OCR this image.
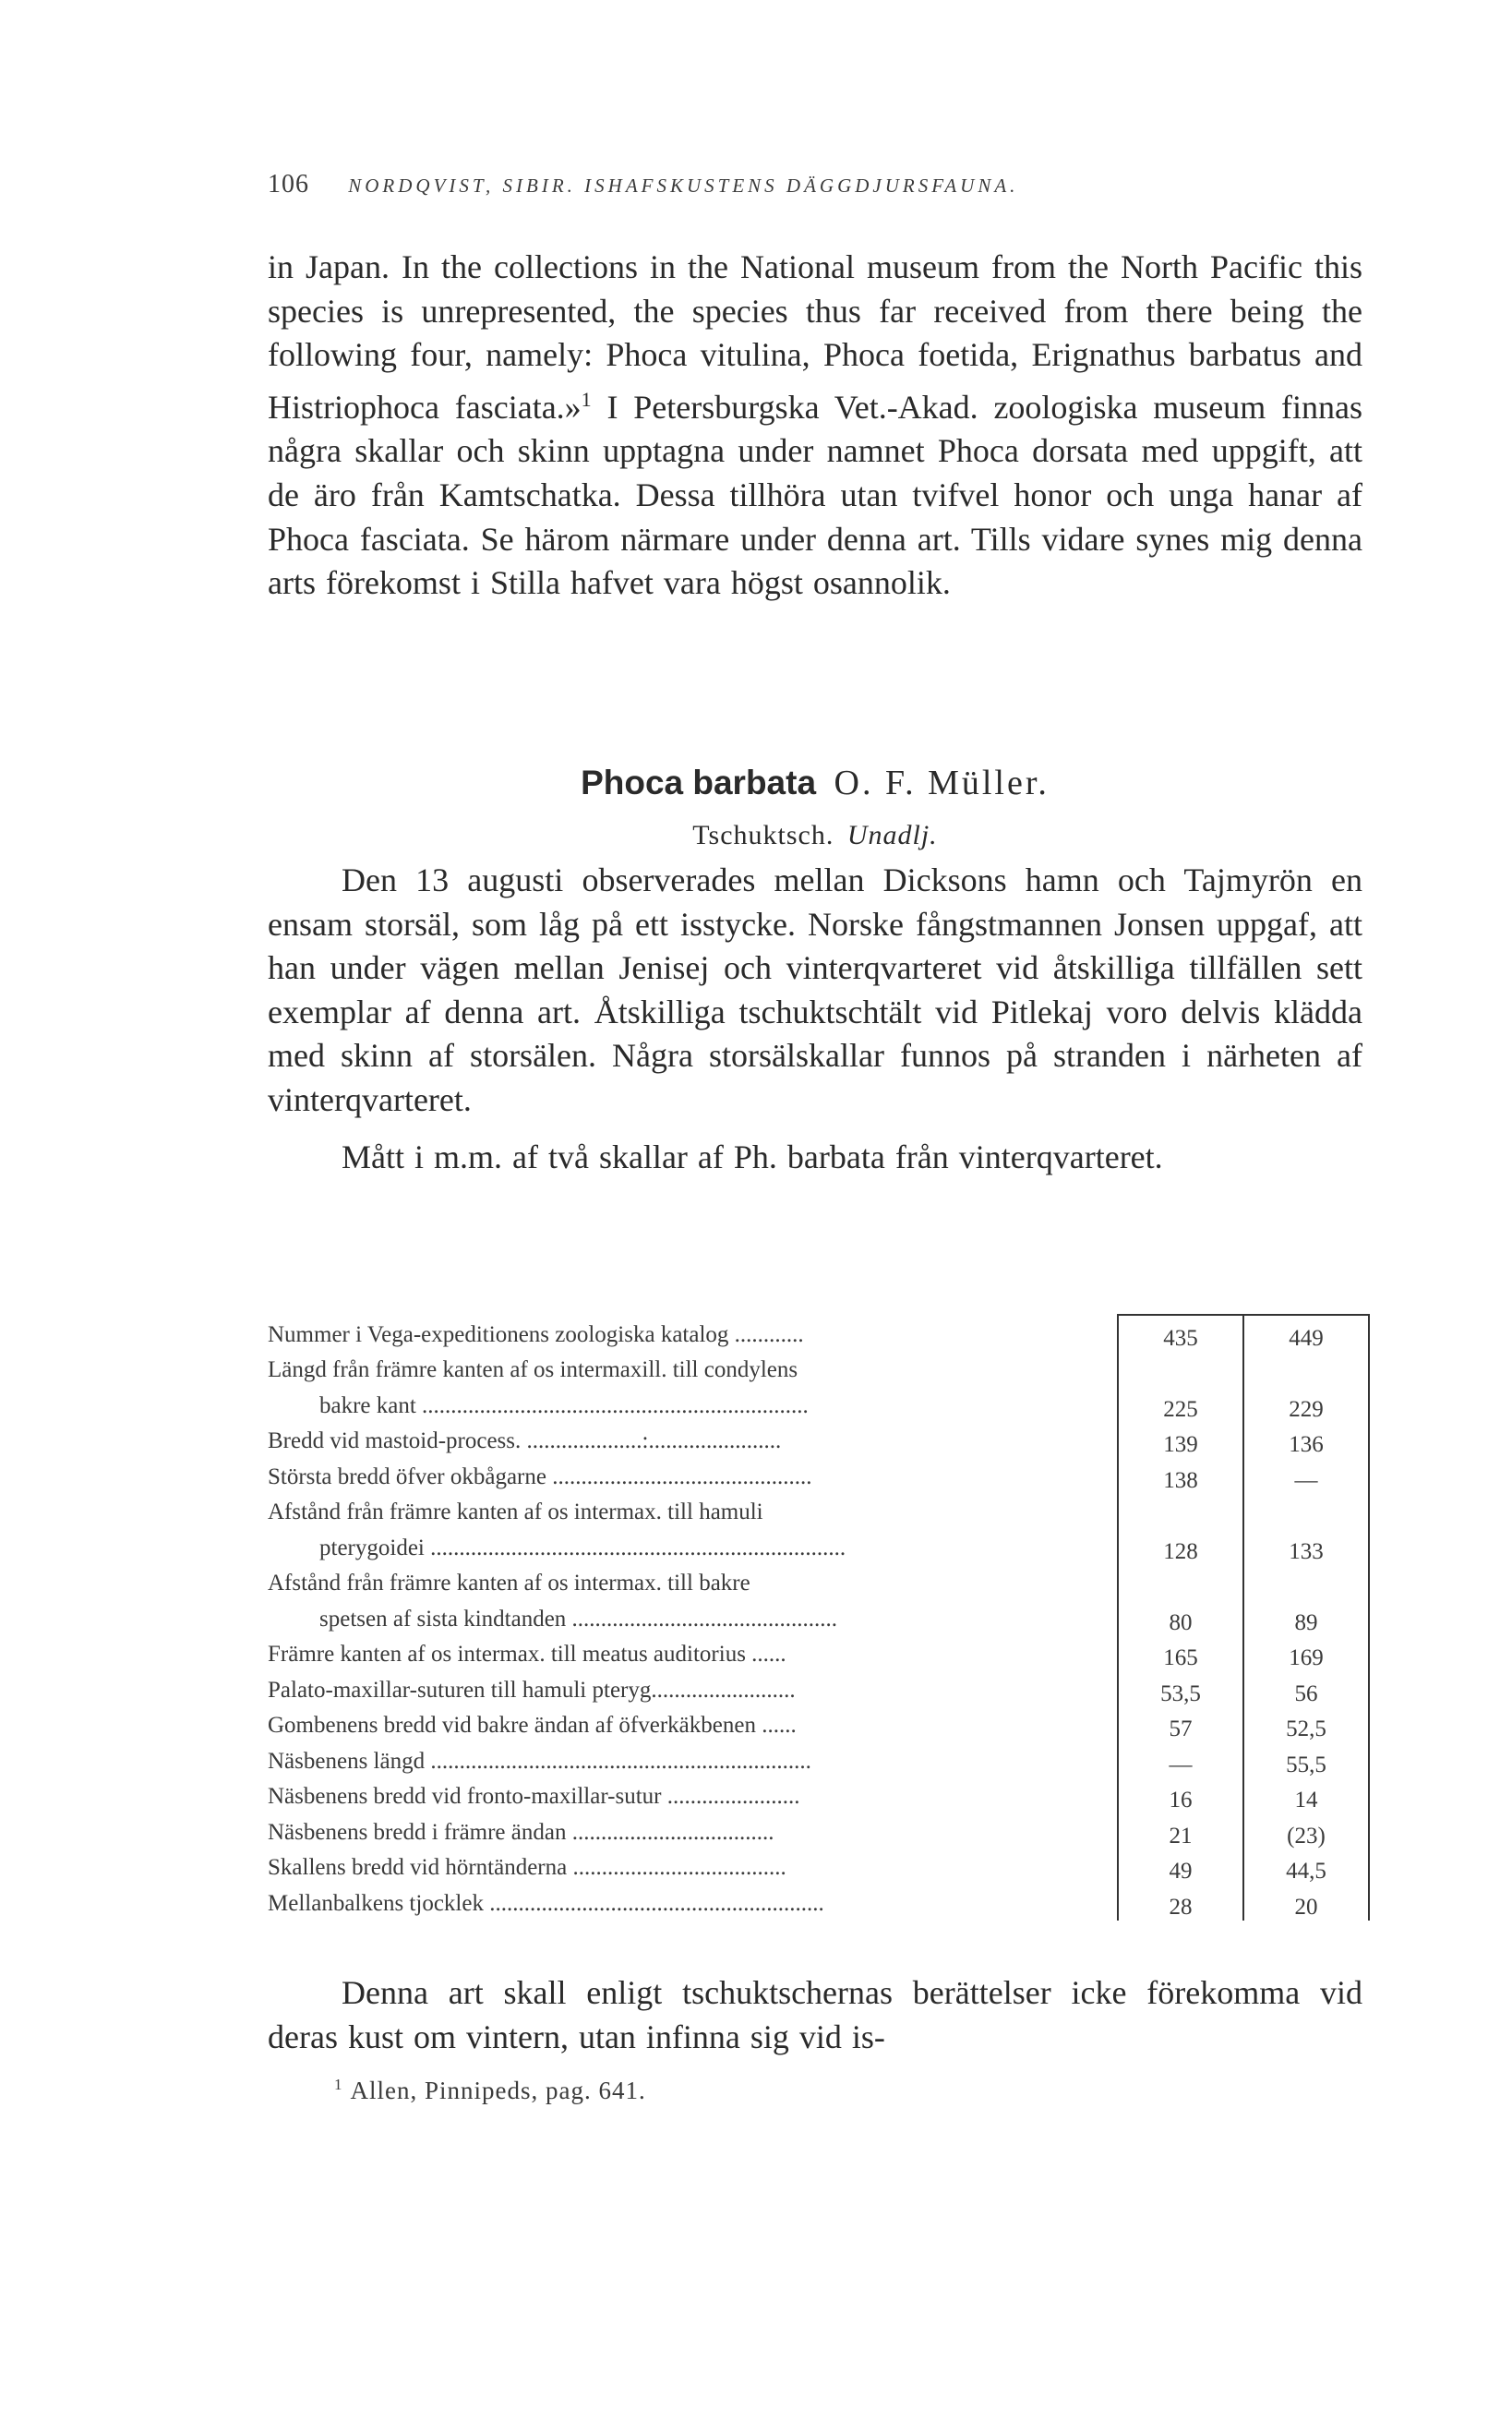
106 NORDQVIST, SIBIR. ISHAFSKUSTENS DÄGGDJURSFAUNA.
in Japan. In the collections in the National museum from the North Pacific this species is unrepresented, the species thus far received from there being the following four, namely: Phoca vitulina, Phoca foetida, Erignathus barbatus and Histriophoca fasciata.»$^1$ I Petersburgska Vet.-Akad. zoologiska museum finnas några skallar och skinn upptagna under namnet Phoca dorsata med uppgift, att de äro från Kamtschatka. Dessa tillhöra utan tvifvel honor och unga hanar af Phoca fasciata. Se härom närmare under denna art. Tills vidare synes mig denna arts förekomst i Stilla hafvet vara högst osannolik.
Phoca barbata O. F. Müller.
Tschuktsch. Unadlj.
Den 13 augusti observerades mellan Dicksons hamn och Tajmyrön en ensam storsäl, som låg på ett isstycke. Norske fångstmannen Jonsen uppgaf, att han under vägen mellan Jenisej och vinterqvarteret vid åtskilliga tillfällen sett exemplar af denna art. Åtskilliga tschuktschtält vid Pitlekaj voro delvis klädda med skinn af storsälen. Några storsälskallar funnos på stranden i närheten af vinterqvarteret.
Mått i m.m. af två skallar af Ph. barbata från vinterqvarteret.
Nummer i Vega-expeditionens zoologiska katalog ............	435	449
Längd från främre kanten af os intermaxill. till condylens		
bakre kant ...................................................................	225	229
Bredd vid mastoid-process. ....................:.......................	139	136
Största bredd öfver okbågarne .............................................	138	—
Afstånd från främre kanten af os intermax. till hamuli		
pterygoidei ........................................................................	128	133
Afstånd från främre kanten af os intermax. till bakre		
spetsen af sista kindtanden ..............................................	80	89
Främre kanten af os intermax. till meatus auditorius ......	165	169
Palato-maxillar-suturen till hamuli pteryg.........................	53,5	56
Gombenens bredd vid bakre ändan af öfverkäkbenen ......	57	52,5
Näsbenens längd ..................................................................	—	55,5
Näsbenens bredd vid fronto-maxillar-sutur .......................	16	14
Näsbenens bredd i främre ändan ...................................	21	(23)
Skallens bredd vid hörntänderna .....................................	49	44,5
Mellanbalkens tjocklek ..........................................................	28	20
Denna art skall enligt tschuktschernas berättelser icke förekomma vid deras kust om vintern, utan infinna sig vid is-
$^1$ Allen, Pinnipeds, pag. 641.
